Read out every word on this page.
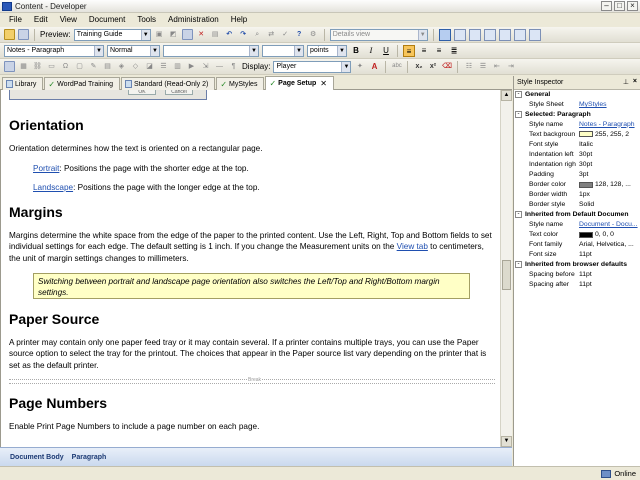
Content - Developer	–	□	×
File Edit View Document Tools Administration Help
Preview: Training Guide	▼	▣	◩	✕	▤	↶	↷	⌕	⇄	✓	?	⚙	Details view	▼
Notes - Paragraph	▼ Normal	▼	▼	▼ points	▼	B	I	U	≡	≡	≡	≣
▦ ⛓ ▭	Ω	▢	✎	▤	◈	◇	◪	☰	▥	▶	⇲	―	¶ Display: Player	▼	✦	A	abc x₂	x² ⌫	☷	☰	⇤	⇥
Library ✓ WordPad Training	Standard (Read-Only 2) ✓ MyStyles ✓ Page Setup ✕
OK	Cancel
Orientation

Orientation determines how the text is oriented on a rectangular page.

Portrait: Positions the page with the shorter edge at the top.

Landscape: Positions the page with the longer edge at the top.

Margins

Margins determine the white space from the edge of the paper to the printed content. Use the Left, Right, Top and Bottom fields to set individual settings for each edge. The default setting is 1 inch. If you change the Measurement units on the View tab to centimeters, the unit of margin settings changes to millimeters.

Switching between portrait and landscape page orientation also switches the Left/Top and Right/Bottom margin settings.
Paper Source

A printer may contain only one paper feed tray or it may contain several. If a printer contains multiple trays, you can use the Paper source option to select the tray for the printout. The choices that appear in the Paper source list vary depending on the printer that is set as the default printer.

Break
Page Numbers

Enable Print Page Numbers to include a page number on each page.

▲
▼
Document Body Paragraph
Style Inspector	⊥ ×
- General
Style Sheet	MyStyles
- Selected: Paragraph
Style name	Notes - Paragraph
Text backgroun	255, 255, 2
Font style	Italic
Indentation left 30pt
Indentation righ 30pt
Padding	3pt
Border color	128, 128, ...
Border width	1px
Border style	Solid
- Inherited from Default Documen
Style name	Document - Docu...
Text color	0, 0, 0
Font family	Arial, Helvetica, ...
Font size	11pt
- Inherited from browser defaults
Spacing before 11pt
Spacing after	11pt
Online
